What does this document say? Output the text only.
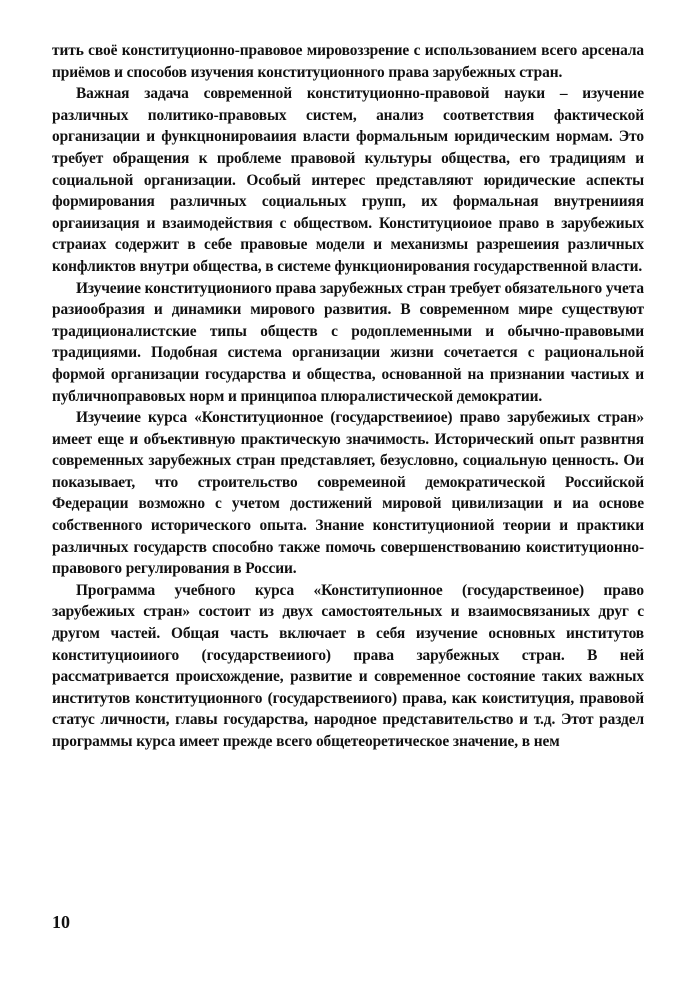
тить своё конституционно-правовое мировоззрение с использованием всего арсенала приёмов и способов изучения конституционного права зарубежных стран.

Важная задача современной конституционно-правовой науки – изучение различных политико-правовых систем, анализ соответствия фактической организации и функцнонироваиия власти формальным юридическим нормам. Это требует обращения к проблеме правовой культуры общества, его традициям и социальной организации. Особый интерес представляют юридические аспекты формирования различных социальных групп, их формальная внутрениияя оргаиизация и взаимодействия с обществом. Конституциоиое право в зарубежиых страиах содержит в себе правовые модели и механизмы разрешеиия различных конфликтов внутри общества, в системе функционирования государственной власти.

Изучеиие конституциониого права зарубежных стран требует обязательного учета разиообразия и динамики мирового развития. В современном мире существуют традиционалистские типы обществ с родоплеменными и обычно-правовыми традициями. Подобная система организации жизни сочетается с рациональной формой организации государства и общества, основанной на признании частиых и публичноправовых норм и принципоа плюралистической демократии.

Изучеиие курса «Конституционное (государствеииое) право зарубежиых стран» имеет еще и объективную практическую значимость. Исторический опыт развнтня современных зарубежных стран представляет, безусловно, социальную ценность. Ои показывает, что строительство совремеиной демократической Российской Федерации возможно с учетом достижений мировой цивилизации и иа основе собственного исторического опыта. Знание конституциониой теории и практики различных государств способно также помочь совершенствованию коиституционно-правового регулирования в России.

Программа учебного курса «Конститупионное (государствеиное) право зарубежиых стран» состоит из двух самостоятельных и взаимосвязаниых друг с другом частей. Общая часть включает в себя изучение основных институтов конституциоииого (государствеииого) права зарубежных стран. В ней рассматривается происхождение, развитие и современное состояние таких важных институтов конституционного (государствеииого) права, как коиституция, правовой статус личности, главы государства, народное представительство и т.д. Этот раздел программы курса имеет прежде всего общетеоретическое значение, в нем

10
